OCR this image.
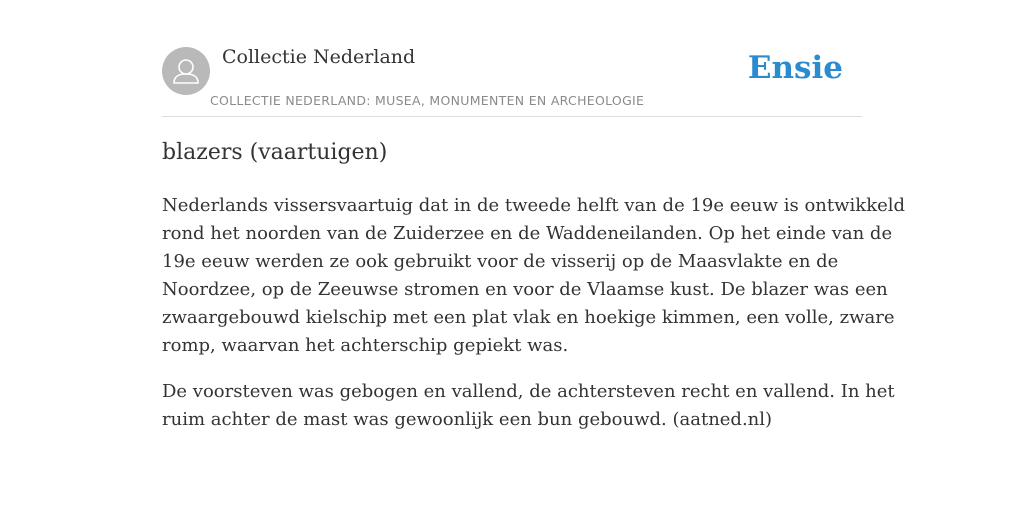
Collectie Nederland
COLLECTIE NEDERLAND: MUSEA, MONUMENTEN EN ARCHEOLOGIE
Ensie
blazers (vaartuigen)

Nederlands vissersvaartuig dat in de tweede helft van de 19e eeuw is ontwikkeld
rond het noorden van de Zuiderzee en de Waddeneilanden. Op het einde van de
19e eeuw werden ze ook gebruikt voor de visserij op de Maasvlakte en de
Noordzee, op de Zeeuwse stromen en voor de Vlaamse kust. De blazer was een
zwaargebouwd kielschip met een plat vlak en hoekige kimmen, een volle, zware
romp, waarvan het achterschip gepiekt was.

De voorsteven was gebogen en vallend, de achtersteven recht en vallend. In het
ruim achter de mast was gewoonlijk een bun gebouwd. (aatned.nl)
